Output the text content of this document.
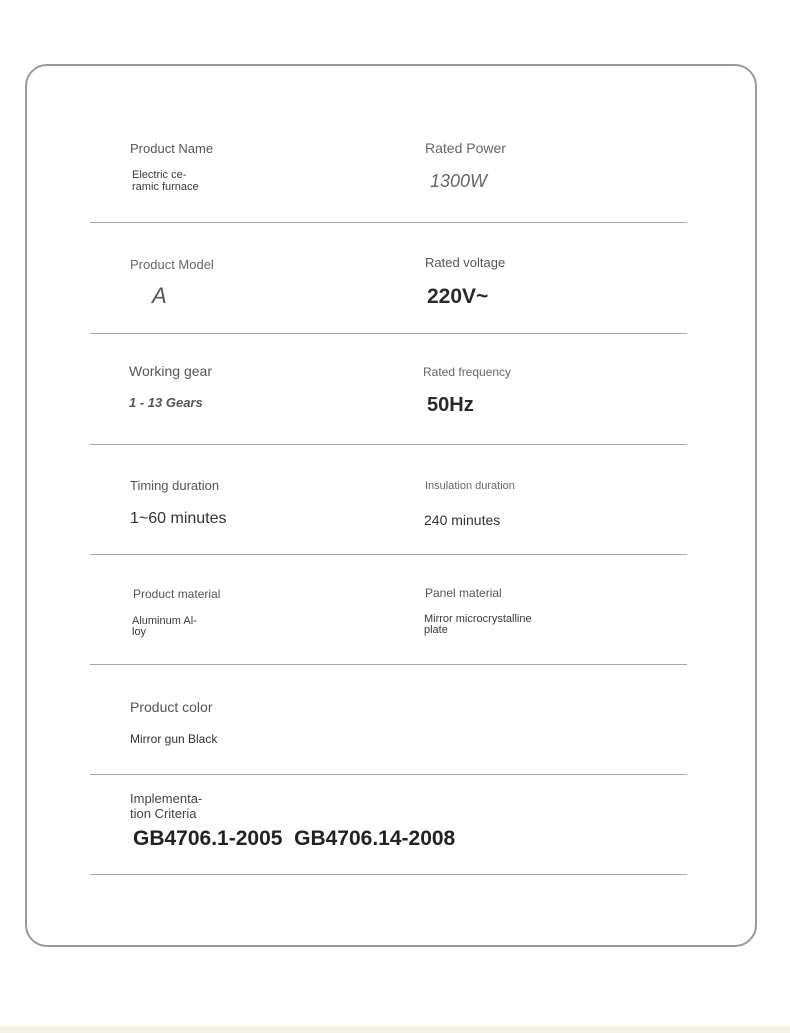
Product Name
Electric ce-
ramic furnace
Rated Power
1300W
Product Model
A
Rated voltage
220V~
Working gear
1 - 13 Gears
Rated frequency
50Hz
Timing duration
1~60 minutes
Insulation duration
240 minutes
Product material
Aluminum Al-
loy
Panel material
Mirror microcrystalline
plate
Product color
Mirror gun Black
Implementa-
tion Criteria
GB4706.1-2005  GB4706.14-2008
